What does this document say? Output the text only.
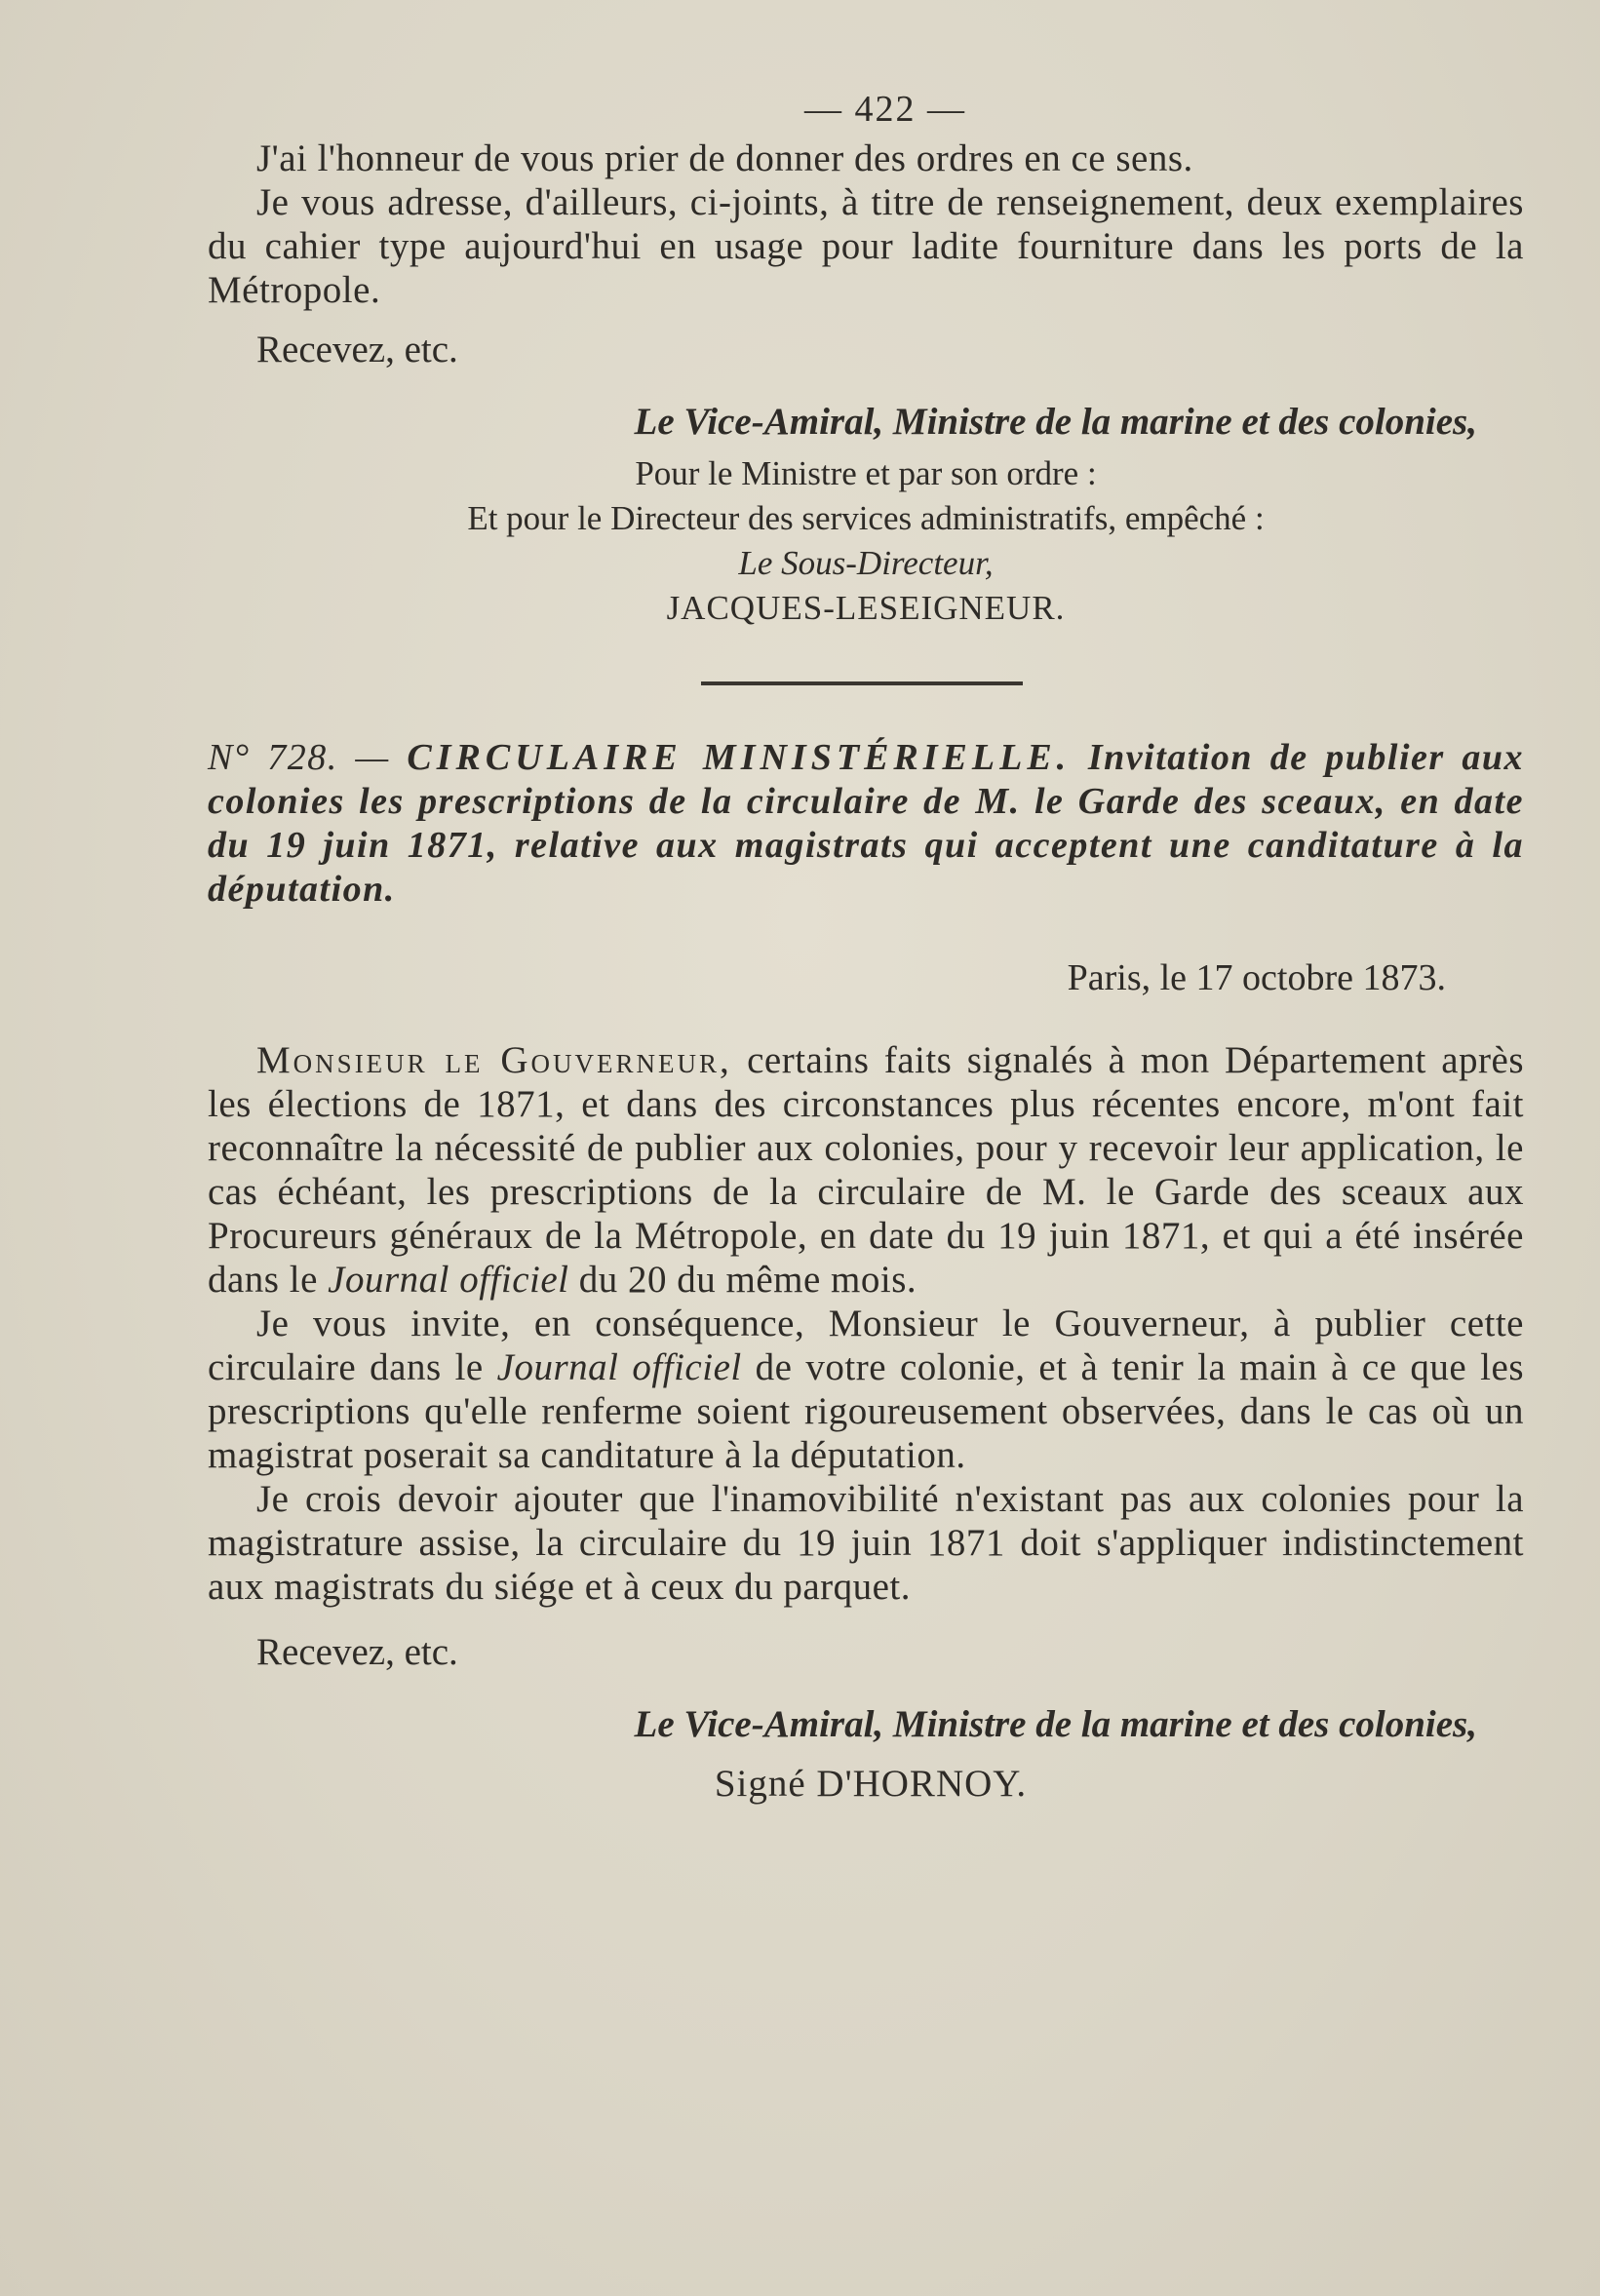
— 422 —

J'ai l'honneur de vous prier de donner des ordres en ce sens.

Je vous adresse, d'ailleurs, ci-joints, à titre de renseignement, deux exemplaires du cahier type aujourd'hui en usage pour ladite fourniture dans les ports de la Métropole.

Recevez, etc.

Le Vice-Amiral, Ministre de la marine et des colonies,

Pour le Ministre et par son ordre :

Et pour le Directeur des services administratifs, empêché :

Le Sous-Directeur,

JACQUES-LESEIGNEUR.

N° 728. — CIRCULAIRE MINISTÉRIELLE. Invitation de publier aux colonies les prescriptions de la circulaire de M. le Garde des sceaux, en date du 19 juin 1871, relative aux magistrats qui acceptent une canditature à la députation.

Paris, le 17 octobre 1873.

Monsieur le Gouverneur, certains faits signalés à mon Département après les élections de 1871, et dans des circonstances plus récentes encore, m'ont fait reconnaître la nécessité de publier aux colonies, pour y recevoir leur application, le cas échéant, les prescriptions de la circulaire de M. le Garde des sceaux aux Procureurs généraux de la Métropole, en date du 19 juin 1871, et qui a été insérée dans le Journal officiel du 20 du même mois.

Je vous invite, en conséquence, Monsieur le Gouverneur, à publier cette circulaire dans le Journal officiel de votre colonie, et à tenir la main à ce que les prescriptions qu'elle renferme soient rigoureusement observées, dans le cas où un magistrat poserait sa canditature à la députation.

Je crois devoir ajouter que l'inamovibilité n'existant pas aux colonies pour la magistrature assise, la circulaire du 19 juin 1871 doit s'appliquer indistinctement aux magistrats du siége et à ceux du parquet.

Recevez, etc.

Le Vice-Amiral, Ministre de la marine et des colonies,

Signé D'HORNOY.
